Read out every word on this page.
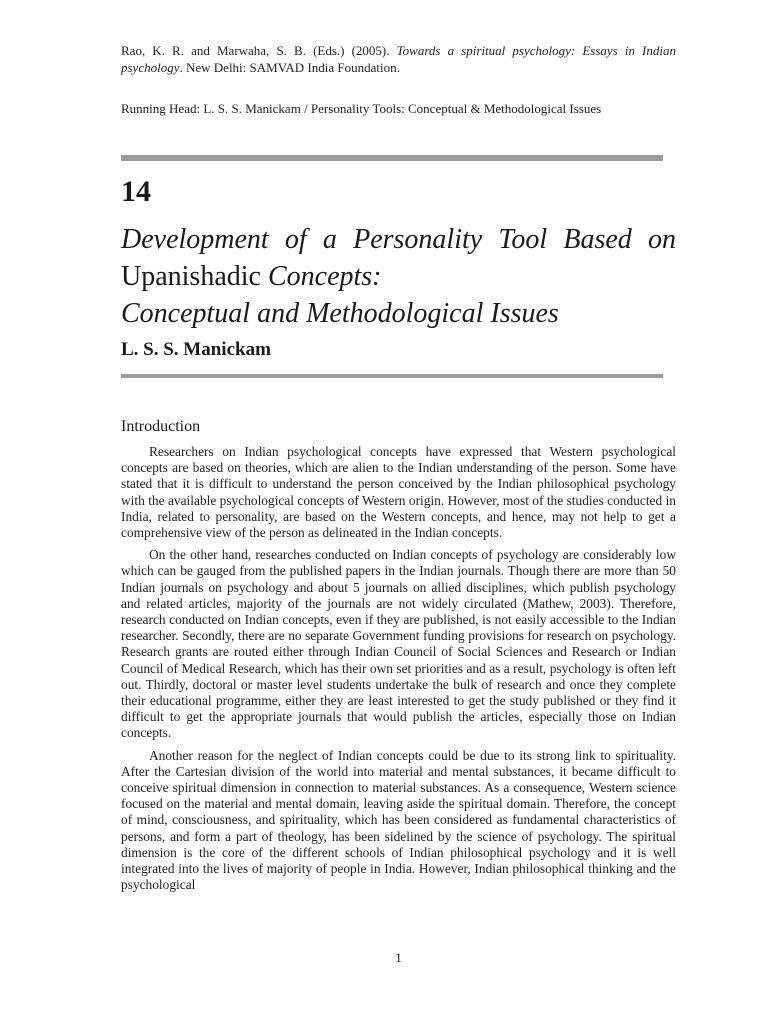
Rao, K. R. and Marwaha, S. B. (Eds.) (2005). Towards a spiritual psychology: Essays in Indian psychology. New Delhi: SAMVAD India Foundation.
Running Head: L. S. S. Manickam / Personality Tools: Conceptual & Methodological Issues
14
Development of a Personality Tool Based on Upanishadic Concepts:
Conceptual and Methodological Issues
L. S. S. Manickam
Introduction

Researchers on Indian psychological concepts have expressed that Western psychological concepts are based on theories, which are alien to the Indian understanding of the person. Some have stated that it is difficult to understand the person conceived by the Indian philosophical psychology with the available psychological concepts of Western origin. However, most of the studies conducted in India, related to personality, are based on the Western concepts, and hence, may not help to get a comprehensive view of the person as delineated in the Indian concepts.

On the other hand, researches conducted on Indian concepts of psychology are considerably low which can be gauged from the published papers in the Indian journals. Though there are more than 50 Indian journals on psychology and about 5 journals on allied disciplines, which publish psychology and related articles, majority of the journals are not widely circulated (Mathew, 2003). Therefore, research conducted on Indian concepts, even if they are published, is not easily accessible to the Indian researcher. Secondly, there are no separate Government funding provisions for research on psychology. Research grants are routed either through Indian Council of Social Sciences and Research or Indian Council of Medical Research, which has their own set priorities and as a result, psychology is often left out. Thirdly, doctoral or master level students undertake the bulk of research and once they complete their educational programme, either they are least interested to get the study published or they find it difficult to get the appropriate journals that would publish the articles, especially those on Indian concepts.

Another reason for the neglect of Indian concepts could be due to its strong link to spirituality. After the Cartesian division of the world into material and mental substances, it became difficult to conceive spiritual dimension in connection to material substances. As a consequence, Western science focused on the material and mental domain, leaving aside the spiritual domain. Therefore, the concept of mind, consciousness, and spirituality, which has been considered as fundamental characteristics of persons, and form a part of theology, has been sidelined by the science of psychology. The spiritual dimension is the core of the different schools of Indian philosophical psychology and it is well integrated into the lives of majority of people in India. However, Indian philosophical thinking and the psychological

1
